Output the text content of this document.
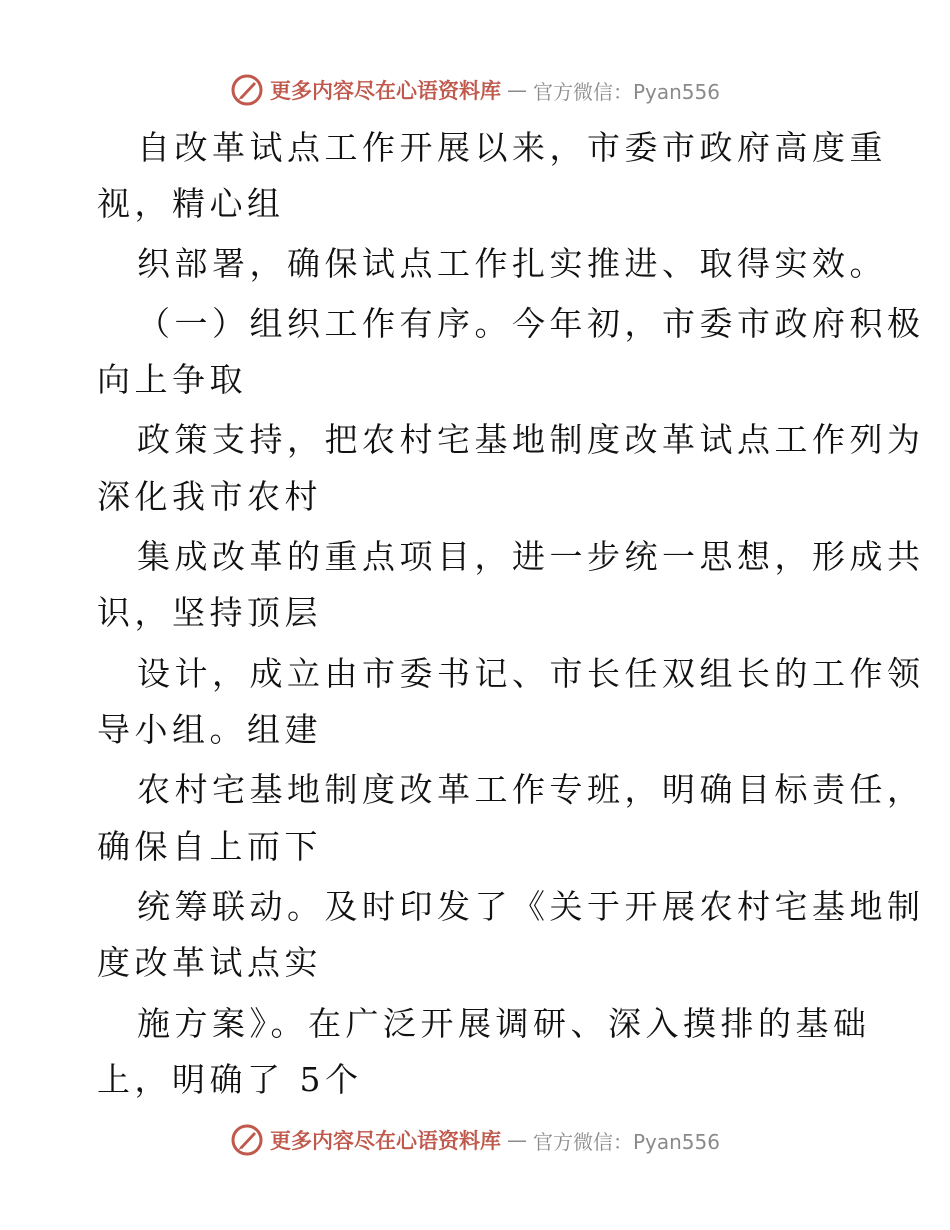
更多内容尽在心语资料库 — 官方微信：Pyan556
自改革试点工作开展以来，市委市政府高度重
视，精心组
织部署，确保试点工作扎实推进、取得实效。
（一）组织工作有序。今年初，市委市政府积极
向上争取
政策支持，把农村宅基地制度改革试点工作列为
深化我市农村
集成改革的重点项目，进一步统一思想，形成共
识，坚持顶层
设计，成立由市委书记、市长任双组长的工作领
导小组。组建
农村宅基地制度改革工作专班，明确目标责任，
确保自上而下
统筹联动。及时印发了《关于开展农村宅基地制
度改革试点实
施方案》。在广泛开展调研、深入摸排的基础
上，明确了 5个
更多内容尽在心语资料库 — 官方微信：Pyan556
